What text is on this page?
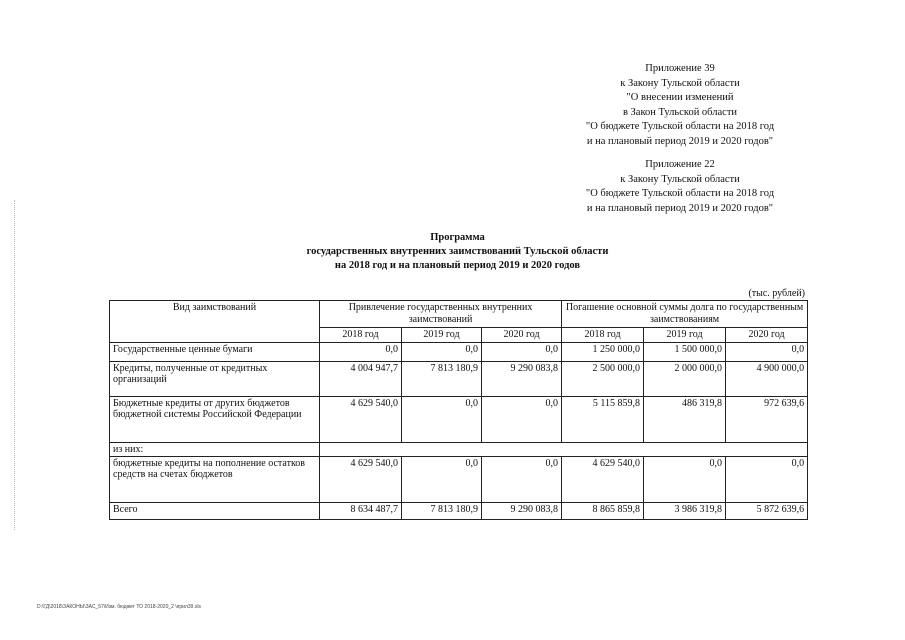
Приложение 39
к Закону Тульской области
"О внесении изменений
в Закон Тульской области
"О бюджете Тульской области на 2018 год
и на плановый период 2019 и 2020 годов"
Приложение 22
к Закону Тульской области
"О бюджете Тульской области на 2018 год
и на плановый период 2019 и 2020 годов"
Программа
государственных внутренних заимствований Тульской области
на 2018 год и на плановый период 2019 и 2020 годов
(тыс. рублей)
Вид заимствований	Привлечение государственных внутренних заимствований			Погашение основной суммы долга по государственным заимствованиям		
	2018 год	2019 год	2020 год	2018 год	2019 год	2020 год
Государственные ценные бумаги	0,0	0,0	0,0	1 250 000,0	1 500 000,0	0,0
Кредиты, полученные от кредитных организаций	4 004 947,7	7 813 180,9	9 290 083,8	2 500 000,0	2 000 000,0	4 900 000,0
Бюджетные кредиты от других бюджетов бюджетной системы Российской Федерации	4 629 540,0	0,0	0,0	5 115 859,8	486 319,8	972 639,6
из них:						
бюджетные кредиты на пополнение остатков средств на счетах бюджетов	4 629 540,0	0,0	0,0	4 629 540,0	0,0	0,0
Всего	8 634 487,7	7 813 180,9	9 290 083,8	8 865 859,8	3 986 319,8	5 872 639,6
D:\ГД\2018\ЗАКОНЫ\ЗАС_57\Изм. бюджет ТО 2018-2020_2 \прил39.xls
